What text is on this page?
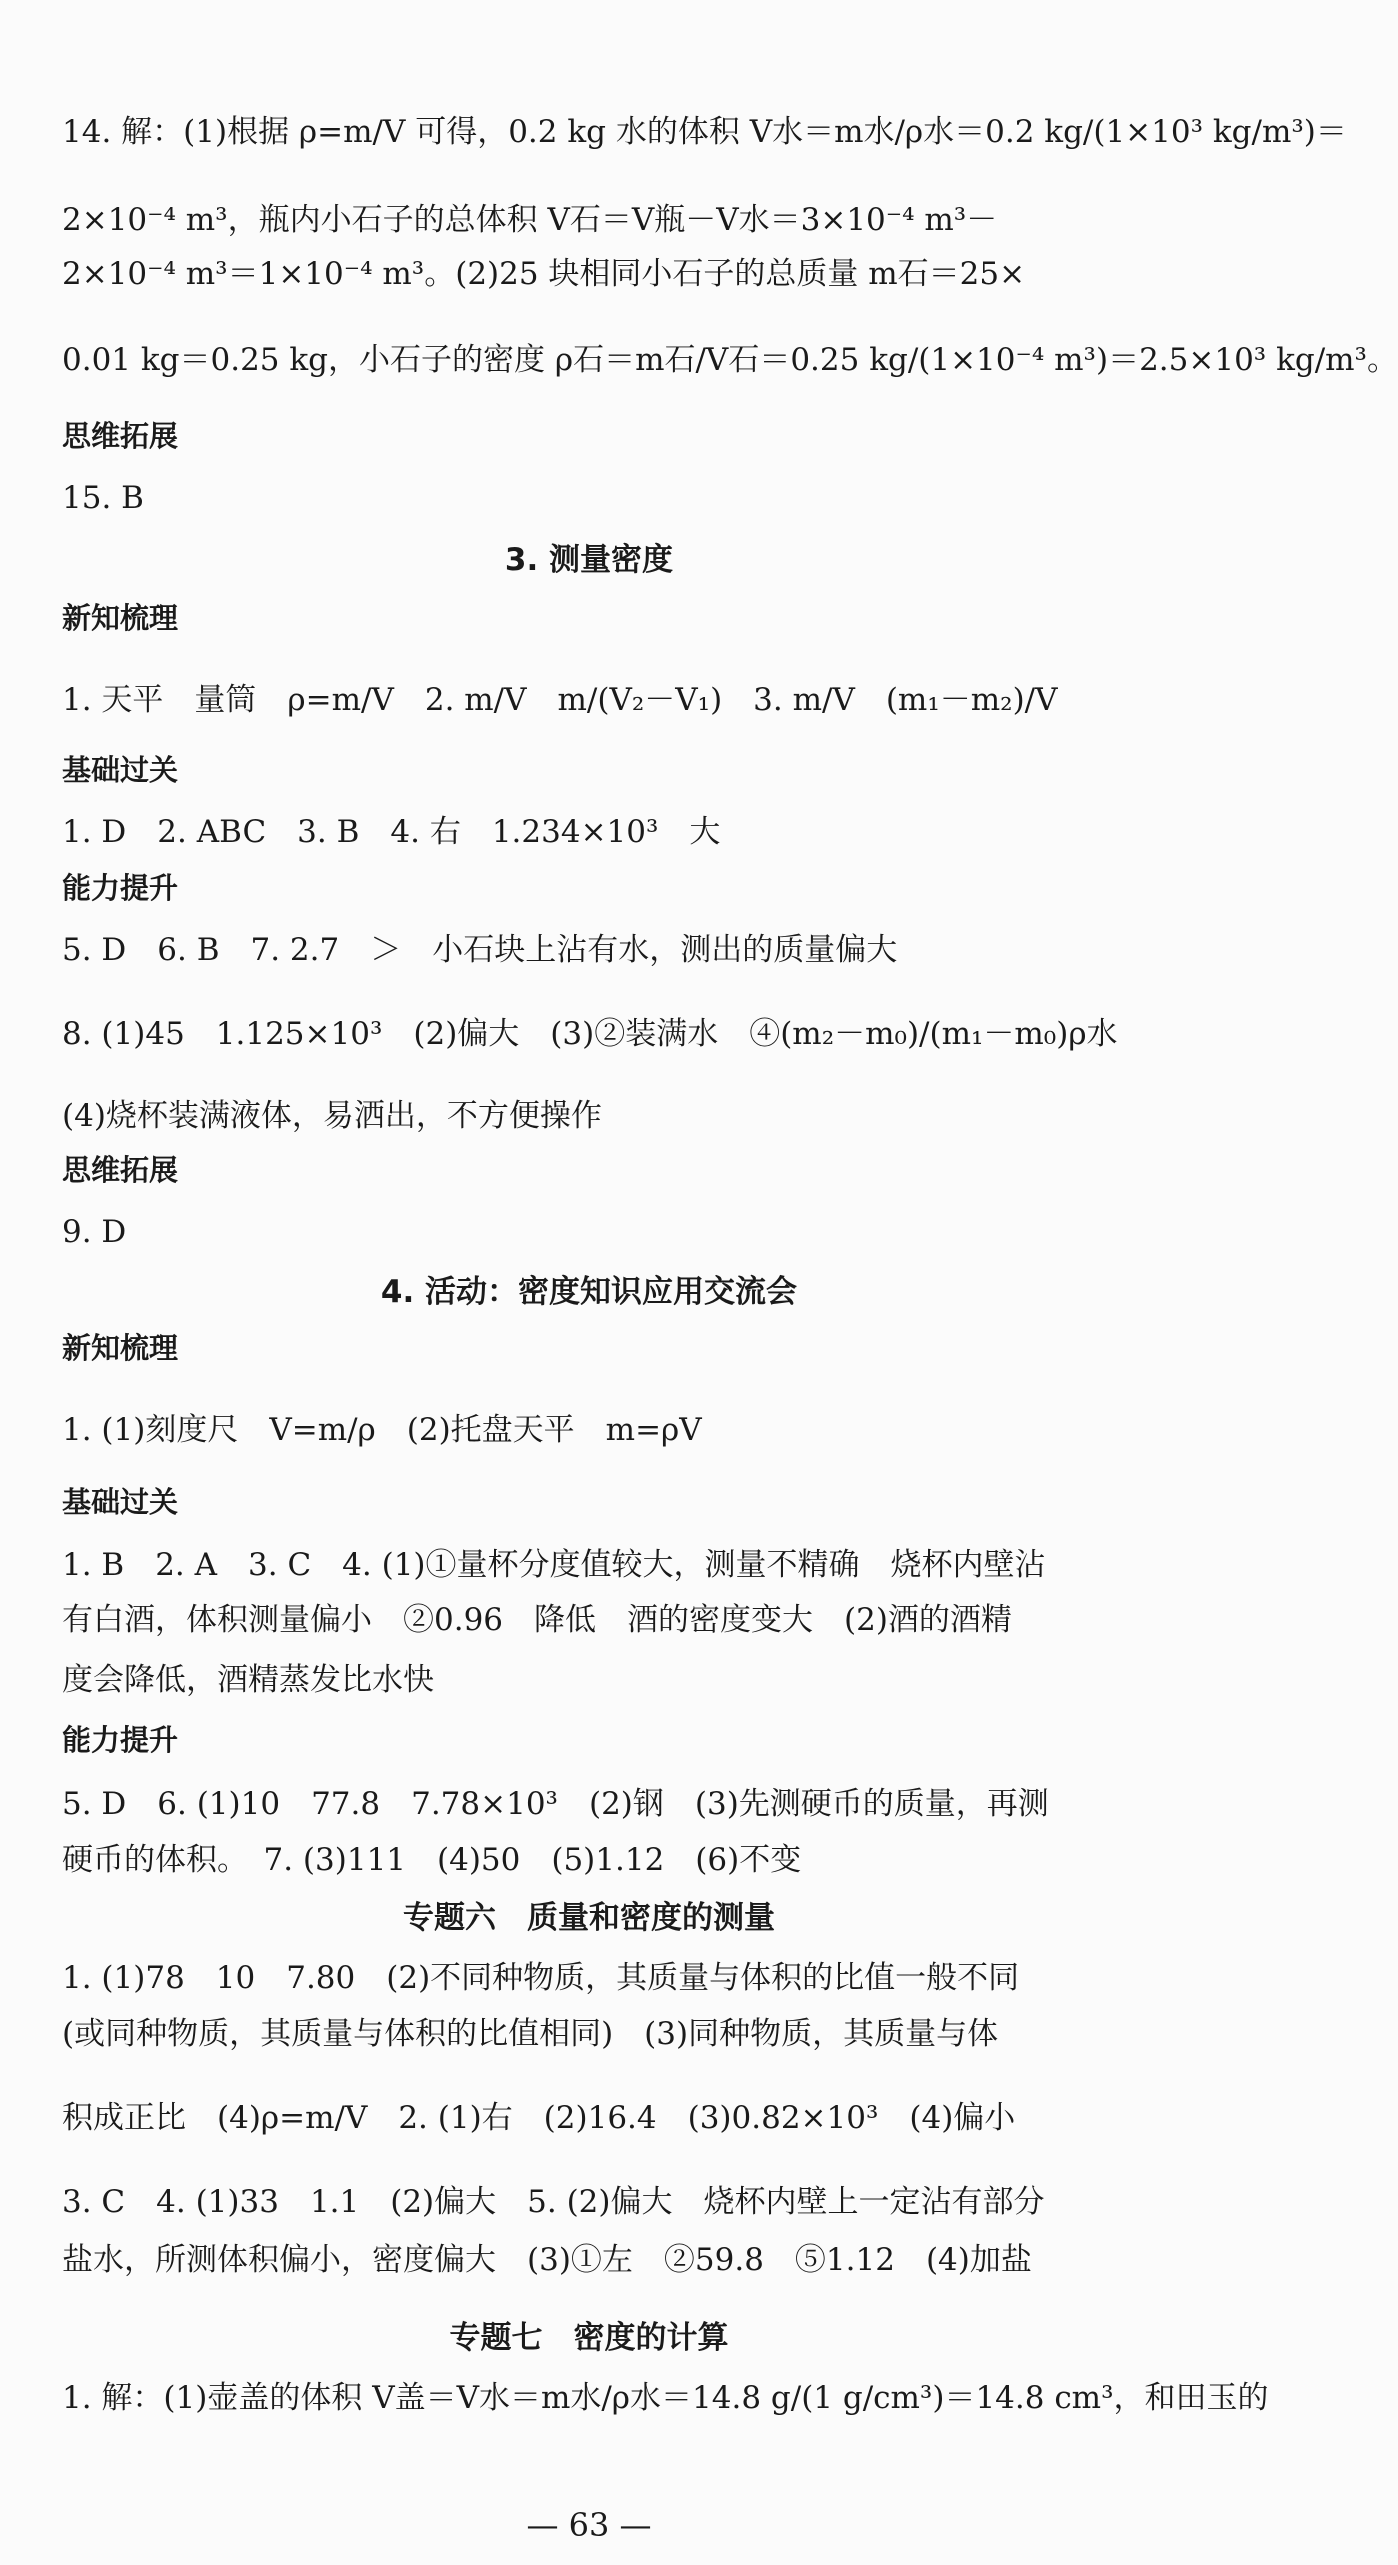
14. 解：(1)根据 ρ=m/V 可得，0.2 kg 水的体积 V水＝m水/ρ水＝0.2 kg/(1×10³ kg/m³)＝
2×10⁻⁴ m³，瓶内小石子的总体积 V石＝V瓶－V水＝3×10⁻⁴ m³－
2×10⁻⁴ m³＝1×10⁻⁴ m³。(2)25 块相同小石子的总质量 m石＝25×
0.01 kg＝0.25 kg，小石子的密度 ρ石＝m石/V石＝0.25 kg/(1×10⁻⁴ m³)＝2.5×10³ kg/m³。
15. B
1. 天平　量筒　ρ=m/V　2. m/V　m/(V₂－V₁)　3. m/V　(m₁－m₂)/V
1. D　2. ABC　3. B　4. 右　1.234×10³　大
5. D　6. B　7. 2.7　＞　小石块上沾有水，测出的质量偏大
8. (1)45　1.125×10³　(2)偏大　(3)②装满水　④(m₂－m₀)/(m₁－m₀)ρ水
(4)烧杯装满液体，易洒出，不方便操作
9. D
1. (1)刻度尺　V=m/ρ　(2)托盘天平　m=ρV
1. B　2. A　3. C　4. (1)①量杯分度值较大，测量不精确　烧杯内壁沾
有白酒，体积测量偏小　②0.96　降低　酒的密度变大　(2)酒的酒精
度会降低，酒精蒸发比水快
5. D　6. (1)10　77.8　7.78×10³　(2)钢　(3)先测硬币的质量，再测
硬币的体积。　7. (3)111　(4)50　(5)1.12　(6)不变
1. (1)78　10　7.80　(2)不同种物质，其质量与体积的比值一般不同
(或同种物质，其质量与体积的比值相同)　(3)同种物质，其质量与体
积成正比　(4)ρ=m/V　2. (1)右　(2)16.4　(3)0.82×10³　(4)偏小
3. C　4. (1)33　1.1　(2)偏大　5. (2)偏大　烧杯内壁上一定沾有部分
盐水，所测体积偏小，密度偏大　(3)①左　②59.8　⑤1.12　(4)加盐
1. 解：(1)壶盖的体积 V盖＝V水＝m水/ρ水＝14.8 g/(1 g/cm³)＝14.8 cm³，和田玉的
思维拓展
新知梳理
基础过关
能力提升
思维拓展
新知梳理
基础过关
能力提升
3. 测量密度
4. 活动：密度知识应用交流会
专题六　质量和密度的测量
专题七　密度的计算
— 63 —
